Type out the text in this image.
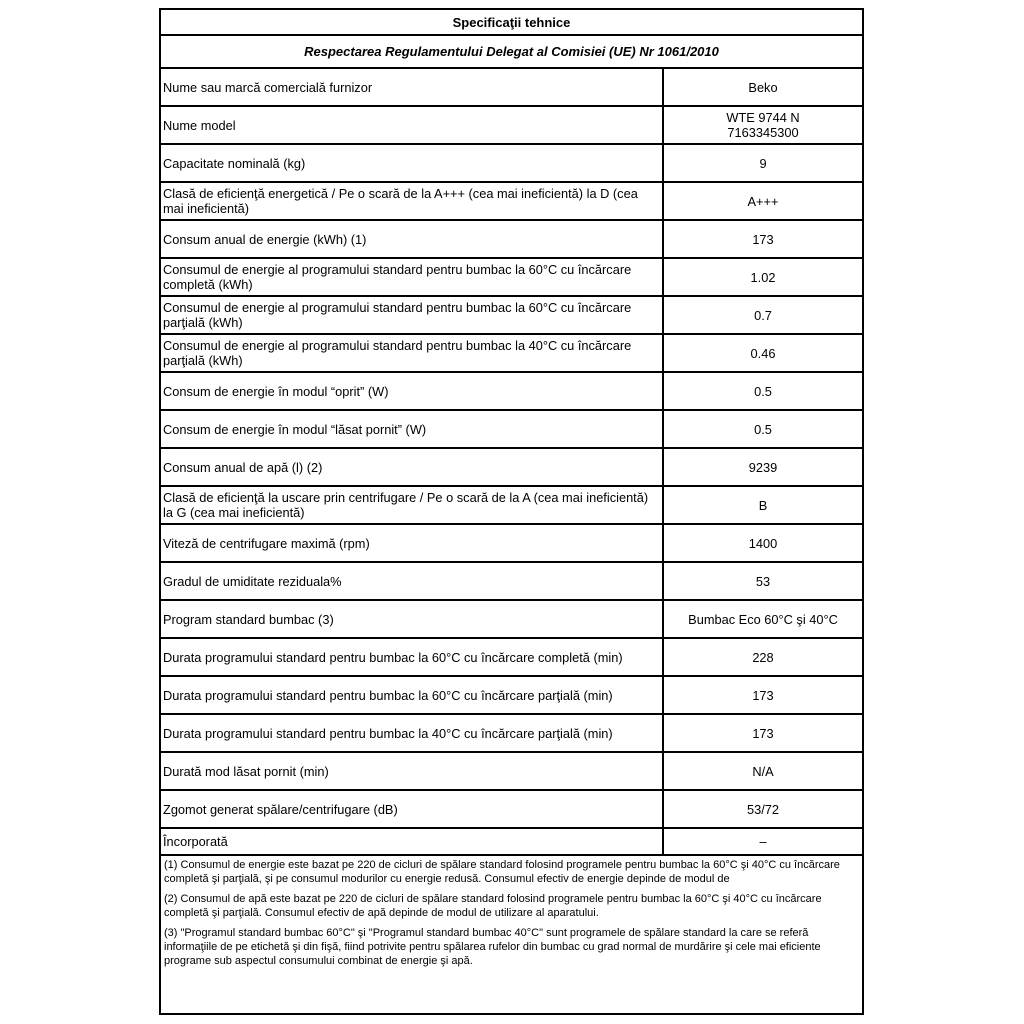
Specificaţii tehnice
Respectarea Regulamentului Delegat al Comisiei (UE) Nr 1061/2010
Nume sau marcă comercială furnizor	Beko
Nume model	WTE 9744 N
7163345300
Capacitate nominală (kg)	9
Clasă de eficienţă energetică / Pe o scară de la A+++ (cea mai ineficientă) la D (cea mai ineficientă)	A+++
Consum anual de energie (kWh) (1)	173
Consumul de energie al programului standard pentru bumbac la 60°C cu încărcare completă (kWh)	1.02
Consumul de energie al programului standard pentru bumbac la 60°C cu încărcare parţială (kWh)	0.7
Consumul de energie al programului standard pentru bumbac la 40°C cu încărcare parţială (kWh)	0.46
Consum de energie în modul “oprit” (W)	0.5
Consum de energie în modul “lăsat pornit” (W)	0.5
Consum anual de apă (l) (2)	9239
Clasă de eficienţă la uscare prin centrifugare / Pe o scară de la A (cea mai ineficientă) la G (cea mai ineficientă)	B
Viteză de centrifugare maximă (rpm)	1400
Gradul de umiditate reziduala%	53
Program standard bumbac (3)	Bumbac Eco 60°C şi 40°C
Durata programului standard pentru bumbac la 60°C cu încărcare completă (min)	228
Durata programului standard pentru bumbac la 60°C cu încărcare parţială (min)	173
Durata programului standard pentru bumbac la 40°C cu încărcare parţială (min)	173
Durată mod lăsat pornit (min)	N/A
Zgomot generat spălare/centrifugare (dB)	53/72
Încorporată	–
(1) Consumul de energie este bazat pe 220 de cicluri de spălare standard folosind programele pentru bumbac la 60°C şi 40°C cu încărcare completă şi parţială, şi pe consumul modurilor cu energie redusă. Consumul efectiv de energie depinde de modul de
(2) Consumul de apă este bazat pe 220 de cicluri de spălare standard folosind programele pentru bumbac la 60°C şi 40°C cu încărcare completă şi parţială. Consumul efectiv de apă depinde de modul de utilizare al aparatului.
(3) "Programul standard bumbac 60°C" şi "Programul standard bumbac 40°C" sunt programele de spălare standard la care se referă informaţiile de pe etichetă şi din fişă, fiind potrivite pentru spălarea rufelor din bumbac cu grad normal de murdărire şi cele mai eficiente programe sub aspectul consumului combinat de energie şi apă.
